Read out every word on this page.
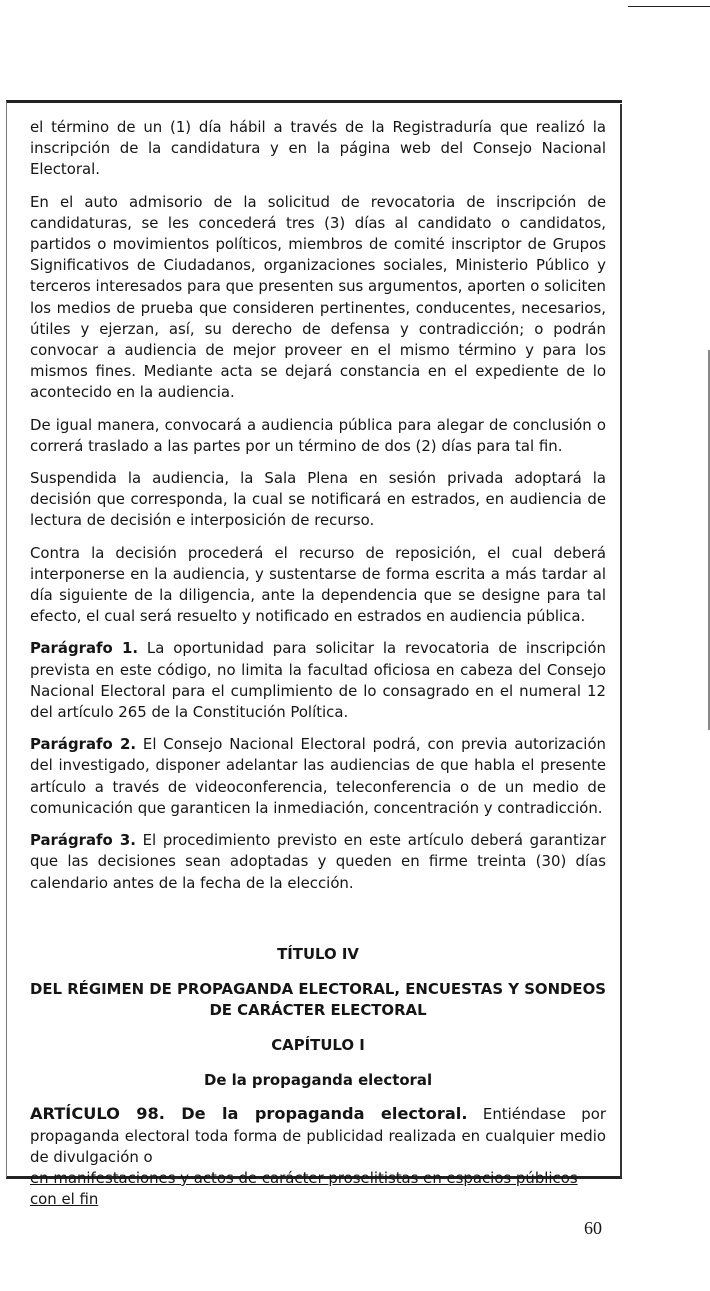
el término de un (1) día hábil a través de la Registraduría que realizó la inscripción de la candidatura y en la página web del Consejo Nacional Electoral.

En el auto admisorio de la solicitud de revocatoria de inscripción de candidaturas, se les concederá tres (3) días al candidato o candidatos, partidos o movimientos políticos, miembros de comité inscriptor de Grupos Significativos de Ciudadanos, organizaciones sociales, Ministerio Público y terceros interesados para que presenten sus argumentos, aporten o soliciten los medios de prueba que consideren pertinentes, conducentes, necesarios, útiles y ejerzan, así, su derecho de defensa y contradicción; o podrán convocar a audiencia de mejor proveer en el mismo término y para los mismos fines. Mediante acta se dejará constancia en el expediente de lo acontecido en la audiencia.

De igual manera, convocará a audiencia pública para alegar de conclusión o correrá traslado a las partes por un término de dos (2) días para tal fin.

Suspendida la audiencia, la Sala Plena en sesión privada adoptará la decisión que corresponda, la cual se notificará en estrados, en audiencia de lectura de decisión e interposición de recurso.

Contra la decisión procederá el recurso de reposición, el cual deberá interponerse en la audiencia, y sustentarse de forma escrita a más tardar al día siguiente de la diligencia, ante la dependencia que se designe para tal efecto, el cual será resuelto y notificado en estrados en audiencia pública.

Parágrafo 1. La oportunidad para solicitar la revocatoria de inscripción prevista en este código, no limita la facultad oficiosa en cabeza del Consejo Nacional Electoral para el cumplimiento de lo consagrado en el numeral 12 del artículo 265 de la Constitución Política.

Parágrafo 2. El Consejo Nacional Electoral podrá, con previa autorización del investigado, disponer adelantar las audiencias de que habla el presente artículo a través de videoconferencia, teleconferencia o de un medio de comunicación que garanticen la inmediación, concentración y contradicción.

Parágrafo 3. El procedimiento previsto en este artículo deberá garantizar que las decisiones sean adoptadas y queden en firme treinta (30) días calendario antes de la fecha de la elección.

TÍTULO IV

DEL RÉGIMEN DE PROPAGANDA ELECTORAL, ENCUESTAS Y SONDEOS DE CARÁCTER ELECTORAL

CAPÍTULO I

De la propaganda electoral

ARTÍCULO 98. De la propaganda electoral. Entiéndase por propaganda electoral toda forma de publicidad realizada en cualquier medio de divulgación o

en manifestaciones y actos de carácter proselitistas en espacios públicos con el fin

60
